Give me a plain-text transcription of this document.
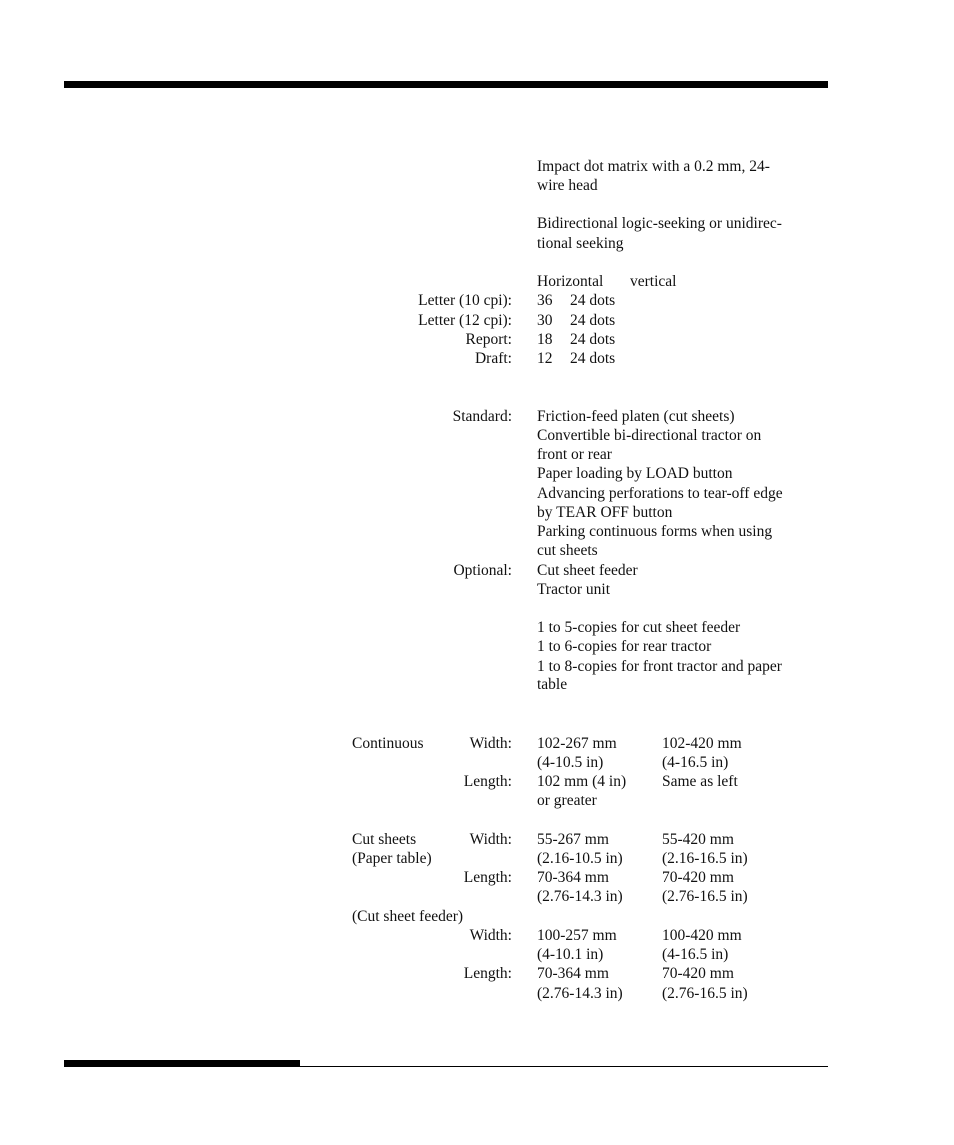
Impact dot matrix with a 0.2 mm, 24-
wire head
Bidirectional logic-seeking or unidirec-
tional seeking
Horizontal vertical
Letter (10 cpi): 36 24 dots
Letter (12 cpi): 30 24 dots
Report: 18 24 dots
Draft: 12 24 dots
Standard: Friction-feed platen (cut sheets)
Convertible bi-directional tractor on
front or rear
Paper loading by LOAD button
Advancing perforations to tear-off edge
by TEAR OFF button
Parking continuous forms when using
cut sheets
Optional: Cut sheet feeder
Tractor unit
1 to 5-copies for cut sheet feeder
1 to 6-copies for rear tractor
1 to 8-copies for front tractor and paper
table
Continuous	Width: 102-267 mm
(4-10.5 in)
102-420 mm
(4-16.5 in)
Length: 102 mm (4 in)
or greater
Same as left
Cut sheets
(Paper table)
Width: 55-267 mm
(2.16-10.5 in)
55-420 mm
(2.16-16.5 in)
Length: 70-364 mm
(2.76-14.3 in)
70-420 mm
(2.76-16.5 in)
(Cut sheet feeder)
Width: 100-257 mm
(4-10.1 in)
100-420 mm
(4-16.5 in)
Length: 70-364 mm
(2.76-14.3 in)
70-420 mm
(2.76-16.5 in)
